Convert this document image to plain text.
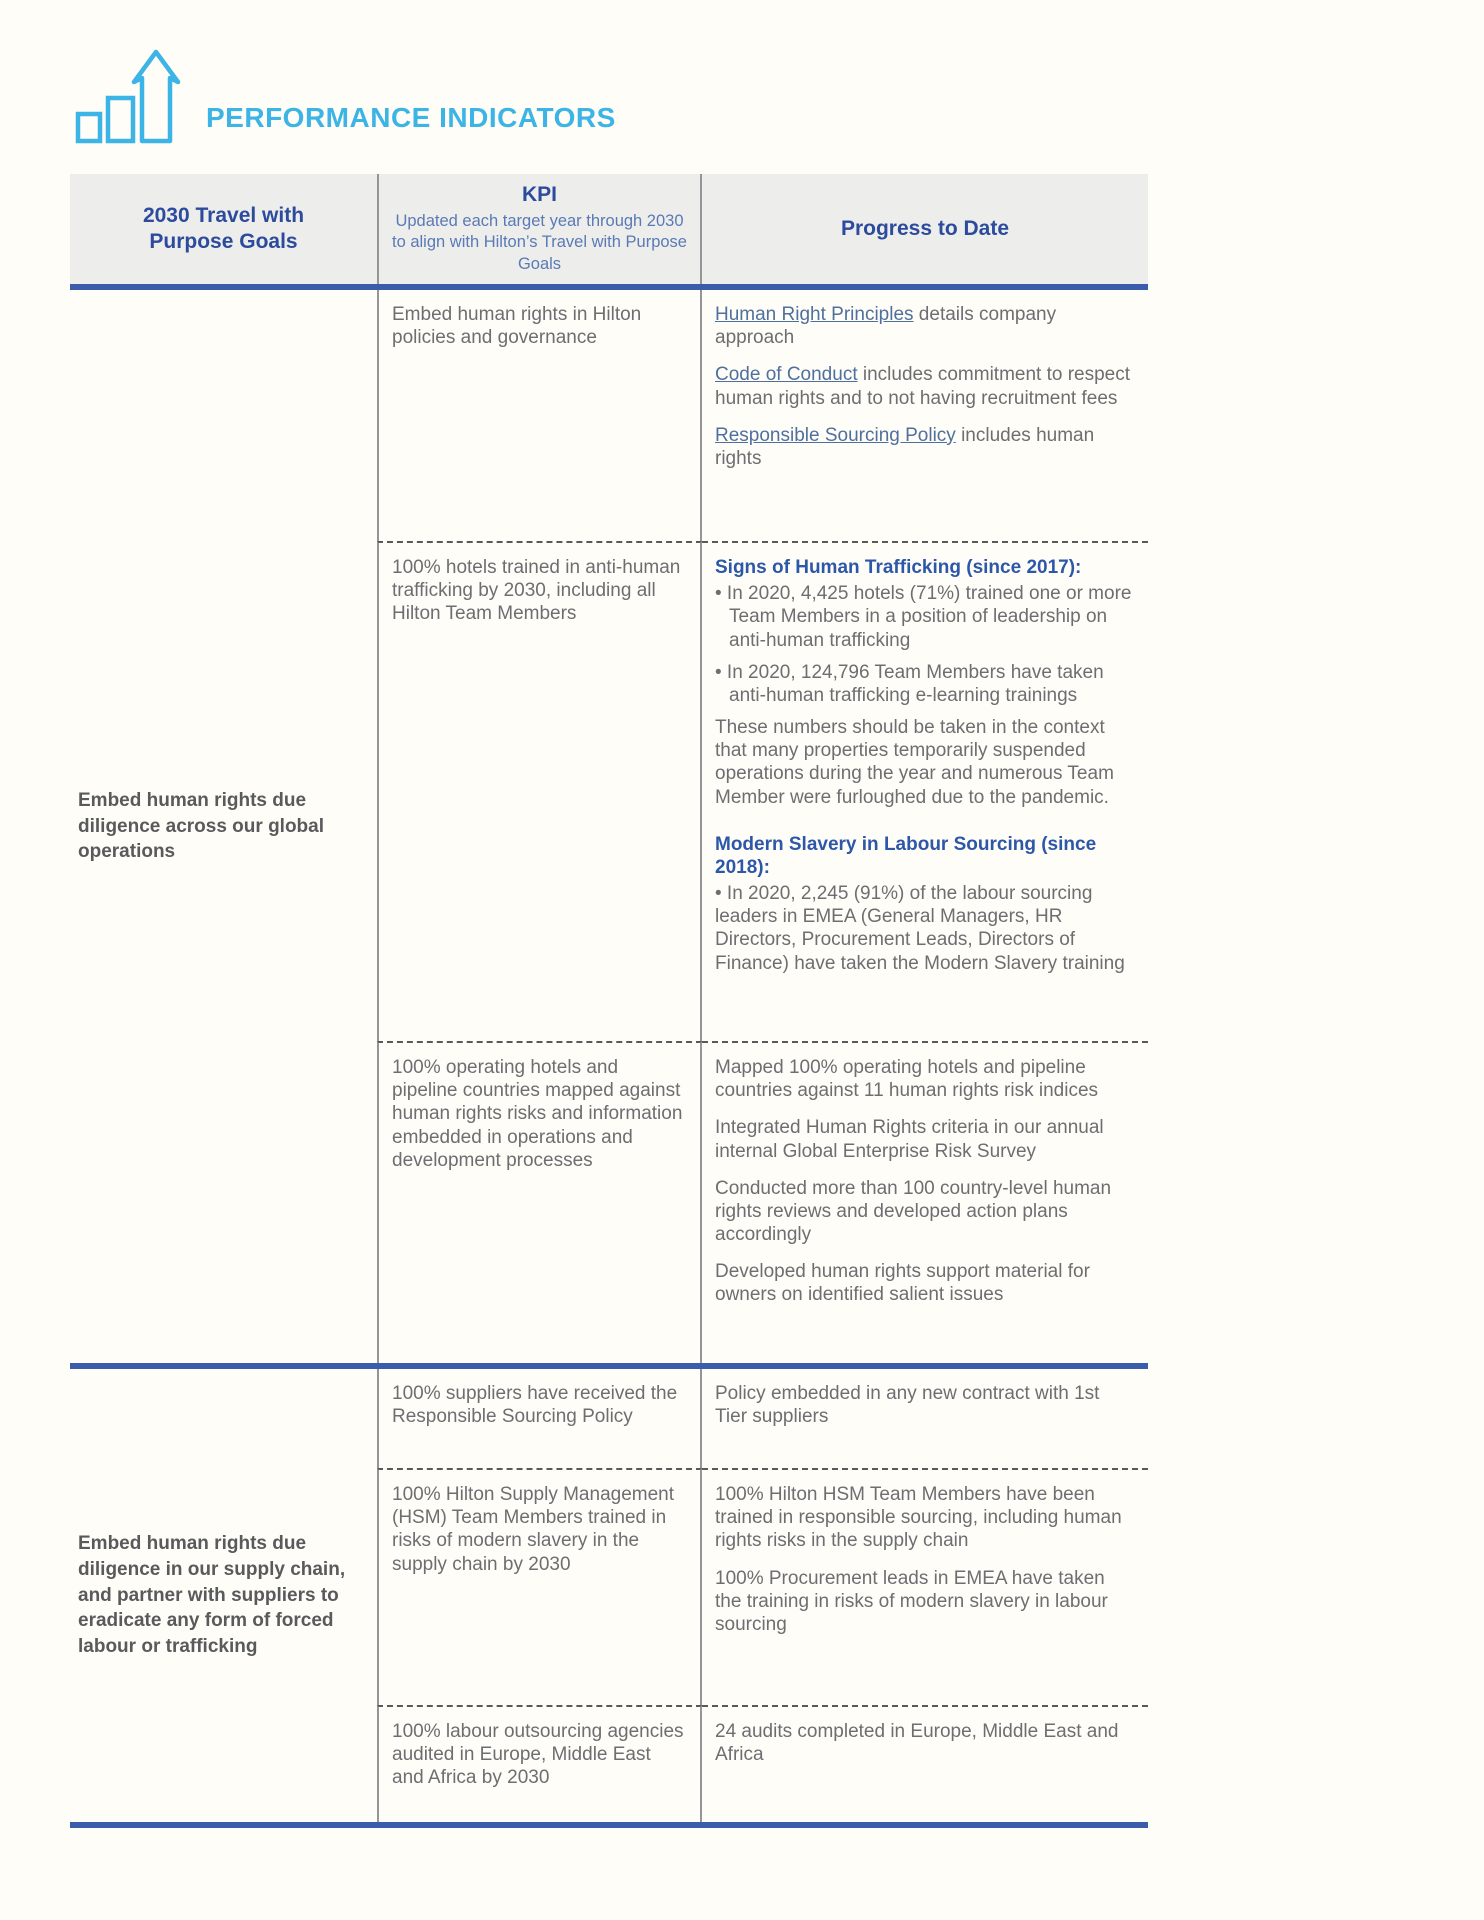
PERFORMANCE INDICATORS
2030 Travel with Purpose Goals
KPI
Updated each target year through 2030 to align with Hilton’s Travel with Purpose Goals
Progress to Date

Embed human rights due diligence across our global operations

Embed human rights in Hilton policies and governance

Human Right Principles details company approach

Code of Conduct includes commitment to respect human rights and to not having recruitment fees

Responsible Sourcing Policy includes human rights

100% hotels trained in anti-human trafficking by 2030, including all Hilton Team Members

Signs of Human Trafficking (since 2017):

• In 2020, 4,425 hotels (71%) trained one or more Team Members in a position of leadership on anti-human trafficking

• In 2020, 124,796 Team Members have taken anti-human trafficking e-learning trainings

These numbers should be taken in the context that many properties temporarily suspended operations during the year and numerous Team Member were furloughed due to the pandemic.

Modern Slavery in Labour Sourcing (since 2018):

• In 2020, 2,245 (91%) of the labour sourcing leaders in EMEA (General Managers, HR Directors, Procurement Leads, Directors of Finance) have taken the Modern Slavery training

100% operating hotels and pipeline countries mapped against human rights risks and information embedded in operations and development processes

Mapped 100% operating hotels and pipeline countries against 11 human rights risk indices

Integrated Human Rights criteria in our annual internal Global Enterprise Risk Survey

Conducted more than 100 country-level human rights reviews and developed action plans accordingly

Developed human rights support material for owners on identified salient issues

Embed human rights due diligence in our supply chain, and partner with suppliers to eradicate any form of forced labour or trafficking

100% suppliers have received the Responsible Sourcing Policy

Policy embedded in any new contract with 1st Tier suppliers

100% Hilton Supply Management (HSM) Team Members trained in risks of modern slavery in the supply chain by 2030

100% Hilton HSM Team Members have been trained in responsible sourcing, including human rights risks in the supply chain

100% Procurement leads in EMEA have taken the training in risks of modern slavery in labour sourcing

100% labour outsourcing agencies audited in Europe, Middle East and Africa by 2030

24 audits completed in Europe, Middle East and Africa
